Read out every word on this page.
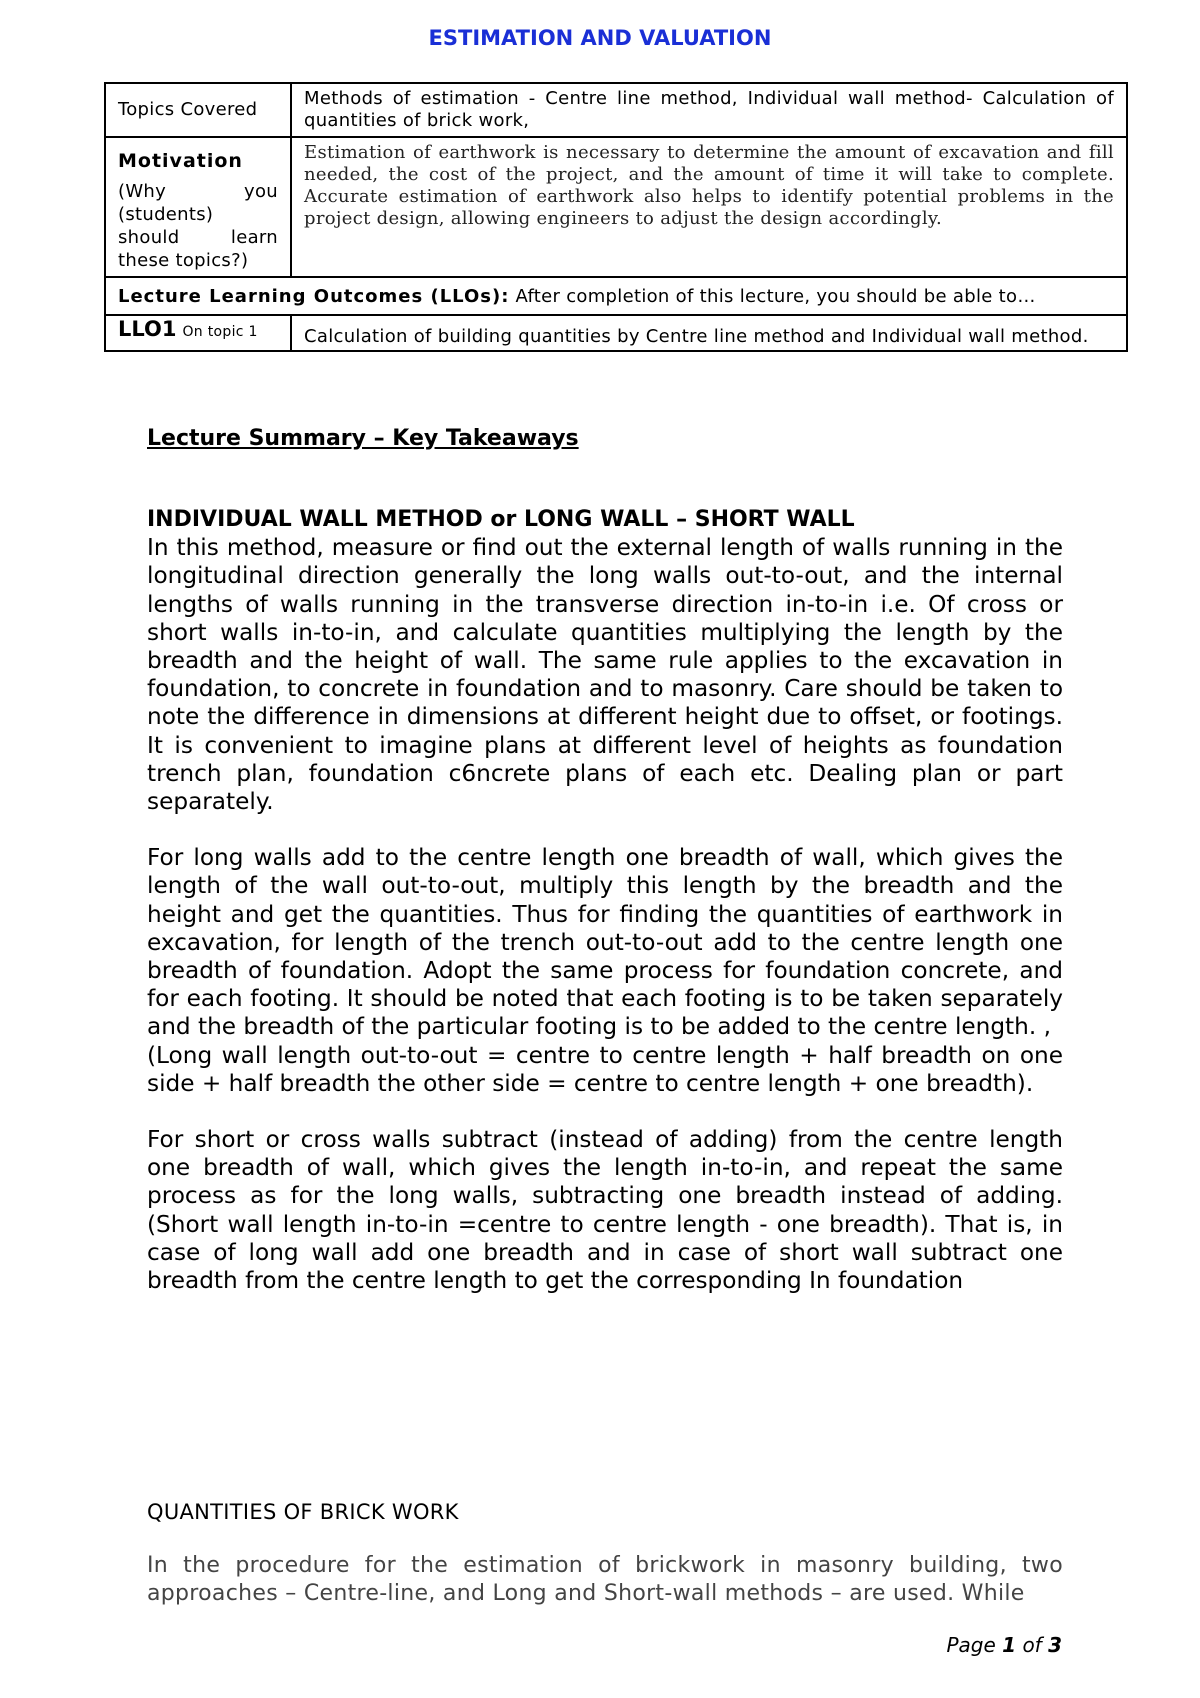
ESTIMATION AND VALUATION
Topics Covered	Methods of estimation - Centre line method, Individual wall method- Calculation of quantities of brick work,

Motivation
(Why you (students) should learn these topics?)	Estimation of earthwork is necessary to determine the amount of excavation and fill needed, the cost of the project, and the amount of time it will take to complete. Accurate estimation of earthwork also helps to identify potential problems in the project design, allowing engineers to adjust the design accordingly.
Lecture Learning Outcomes (LLOs): After completion of this lecture, you should be able to…	
LLO1 On topic 1	Calculation of building quantities by Centre line method and Individual wall method.
Lecture Summary – Key Takeaways
INDIVIDUAL WALL METHOD or LONG WALL – SHORT WALL

In this method, measure or find out the external length of walls running in the longitudinal direction generally the long walls out-to-out, and the internal lengths of walls running in the transverse direction in-to-in i.e. Of cross or short walls in-to-in, and calculate quantities multiplying the length by the breadth and the height of wall. The same rule applies to the excavation in foundation, to concrete in foundation and to masonry. Care should be taken to note the difference in dimensions at different height due to offset, or footings. It is convenient to imagine plans at different level of heights as foundation trench plan, foundation c6ncrete plans of each etc. Dealing plan or part separately.

For long walls add to the centre length one breadth of wall, which gives the length of the wall out-to-out, multiply this length by the breadth and the height and get the quantities. Thus for finding the quantities of earthwork in excavation, for length of the trench out-to-out add to the centre length one breadth of foundation. Adopt the same process for foundation concrete, and for each footing. It should be noted that each footing is to be taken separately and the breadth of the particular footing is to be added to the centre length. ,

(Long wall length out-to-out = centre to centre length + half breadth on one side + half breadth the other side = centre to centre length + one breadth).

For short or cross walls subtract (instead of adding) from the centre length one breadth of wall, which gives the length in-to-in, and repeat the same process as for the long walls, subtracting one breadth instead of adding. (Short wall length in-to-in =centre to centre length - one breadth). That is, in case of long wall add one breadth and in case of short wall subtract one breadth from the centre length to get the corresponding In foundation

QUANTITIES OF BRICK WORK
In the procedure for the estimation of brickwork in masonry building, two approaches – Centre-line, and Long and Short-wall methods – are used. While
Page 1 of 3
